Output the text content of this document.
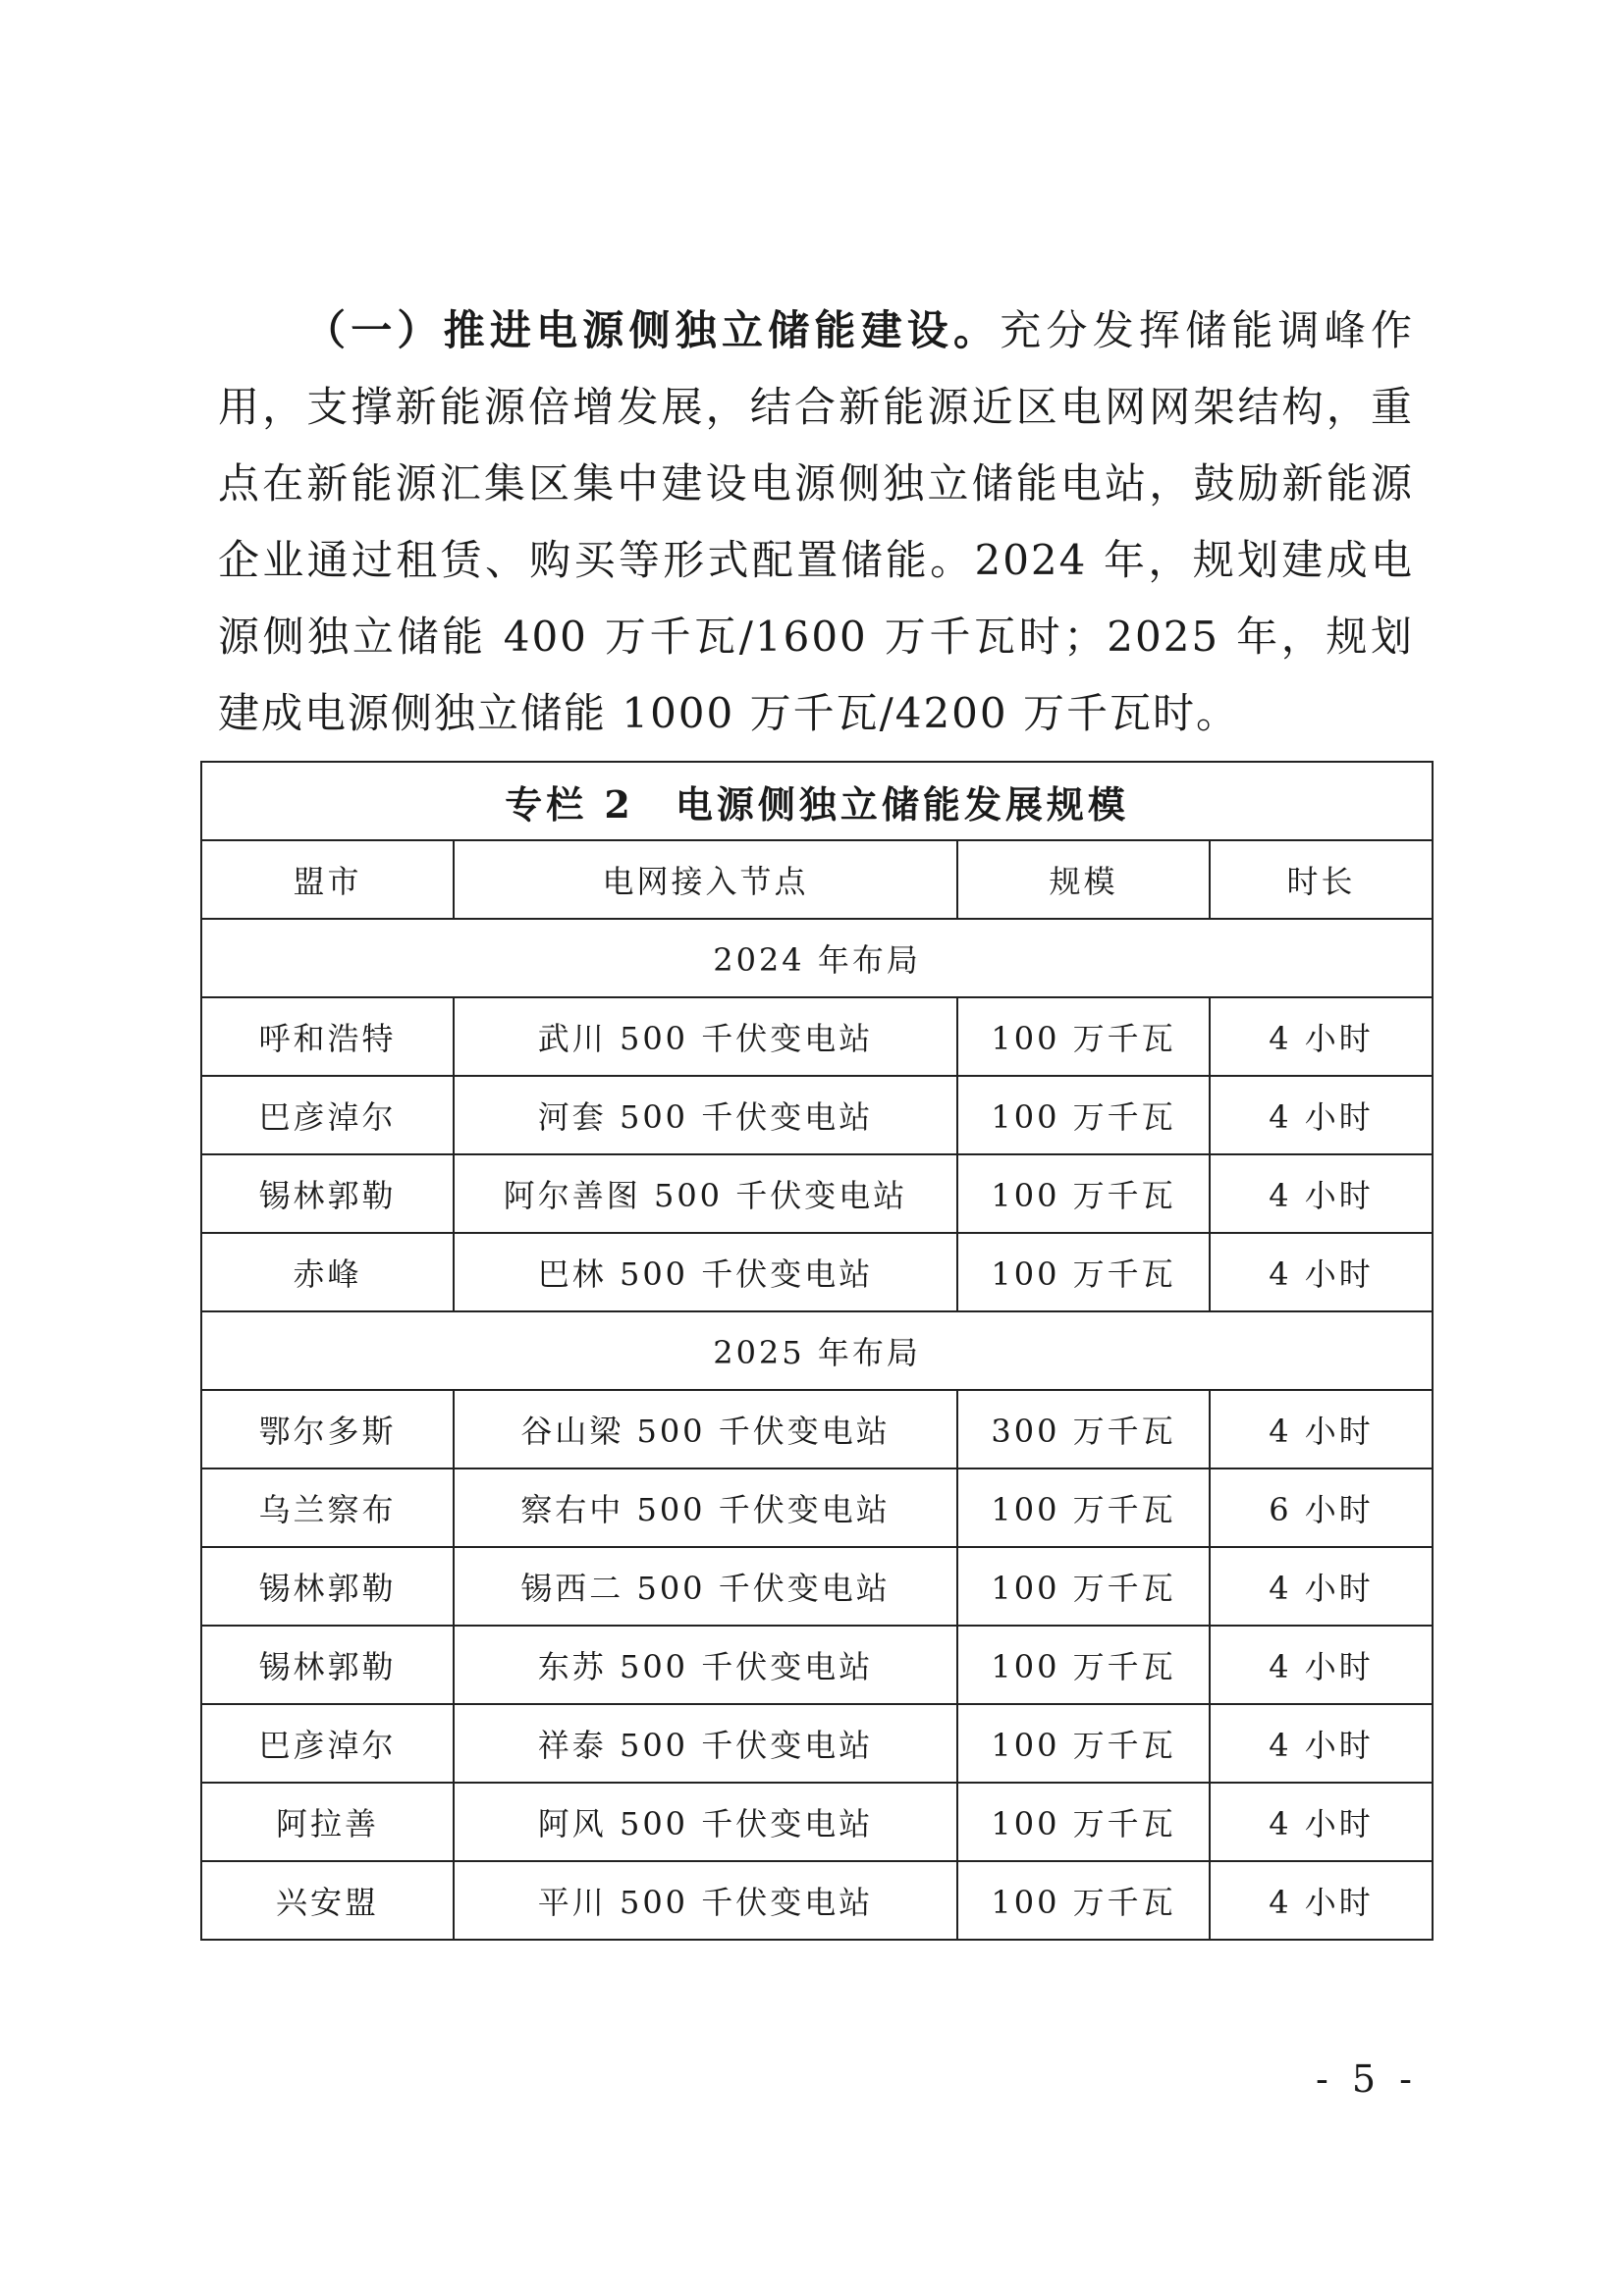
（一）推进电源侧独立储能建设。充分发挥储能调峰作用，支撑新能源倍增发展，结合新能源近区电网网架结构，重点在新能源汇集区集中建设电源侧独立储能电站，鼓励新能源企业通过租赁、购买等形式配置储能。2024 年，规划建成电源侧独立储能 400 万千瓦/1600 万千瓦时；2025 年，规划建成电源侧独立储能 1000 万千瓦/4200 万千瓦时。

专栏 2　电源侧独立储能发展规模			
盟市	电网接入节点	规模	时长
2024 年布局			
呼和浩特	武川 500 千伏变电站	100 万千瓦	4 小时
巴彦淖尔	河套 500 千伏变电站	100 万千瓦	4 小时
锡林郭勒	阿尔善图 500 千伏变电站	100 万千瓦	4 小时
赤峰	巴林 500 千伏变电站	100 万千瓦	4 小时
2025 年布局			
鄂尔多斯	谷山梁 500 千伏变电站	300 万千瓦	4 小时
乌兰察布	察右中 500 千伏变电站	100 万千瓦	6 小时
锡林郭勒	锡西二 500 千伏变电站	100 万千瓦	4 小时
锡林郭勒	东苏 500 千伏变电站	100 万千瓦	4 小时
巴彦淖尔	祥泰 500 千伏变电站	100 万千瓦	4 小时
阿拉善	阿风 500 千伏变电站	100 万千瓦	4 小时
兴安盟	平川 500 千伏变电站	100 万千瓦	4 小时
- 5 -
